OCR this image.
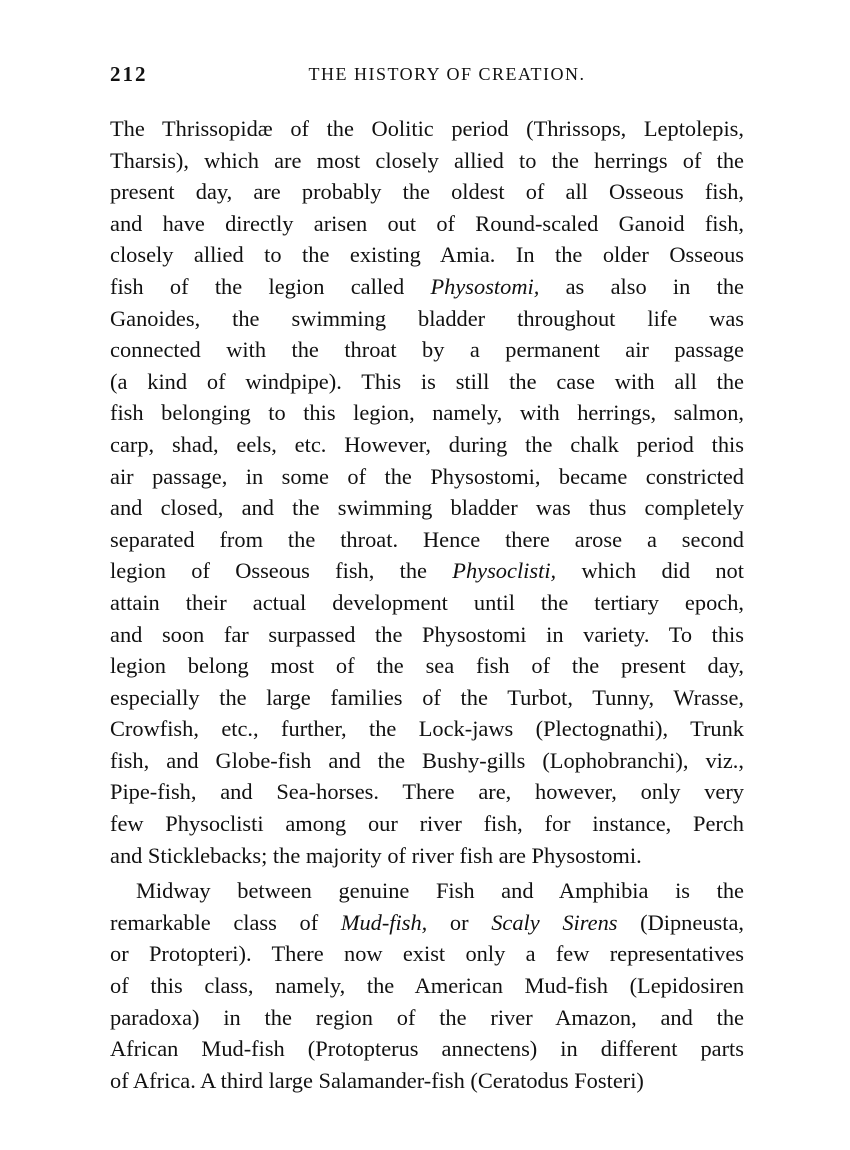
212	THE HISTORY OF CREATION.
The Thrissopidæ of the Oolitic period (Thrissops, Leptolepis,
Tharsis), which are most closely allied to the herrings of the
present day, are probably the oldest of all Osseous fish,
and have directly arisen out of Round-scaled Ganoid fish,
closely allied to the existing Amia. In the older Osseous
fish of the legion called Physostomi, as also in the
Ganoides, the swimming bladder throughout life was
connected with the throat by a permanent air passage
(a kind of windpipe). This is still the case with all the
fish belonging to this legion, namely, with herrings, salmon,
carp, shad, eels, etc. However, during the chalk period this
air passage, in some of the Physostomi, became constricted
and closed, and the swimming bladder was thus completely
separated from the throat. Hence there arose a second
legion of Osseous fish, the Physoclisti, which did not
attain their actual development until the tertiary epoch,
and soon far surpassed the Physostomi in variety. To this
legion belong most of the sea fish of the present day,
especially the large families of the Turbot, Tunny, Wrasse,
Crowfish, etc., further, the Lock-jaws (Plectognathi), Trunk
fish, and Globe-fish and the Bushy-gills (Lophobranchi), viz.,
Pipe-fish, and Sea-horses. There are, however, only very
few Physoclisti among our river fish, for instance, Perch
and Sticklebacks; the majority of river fish are Physostomi.
Midway between genuine Fish and Amphibia is the
remarkable class of Mud-fish, or Scaly Sirens (Dipneusta,
or Protopteri). There now exist only a few representatives
of this class, namely, the American Mud-fish (Lepidosiren
paradoxa) in the region of the river Amazon, and the
African Mud-fish (Protopterus annectens) in different parts
of Africa. A third large Salamander-fish (Ceratodus Fosteri)
